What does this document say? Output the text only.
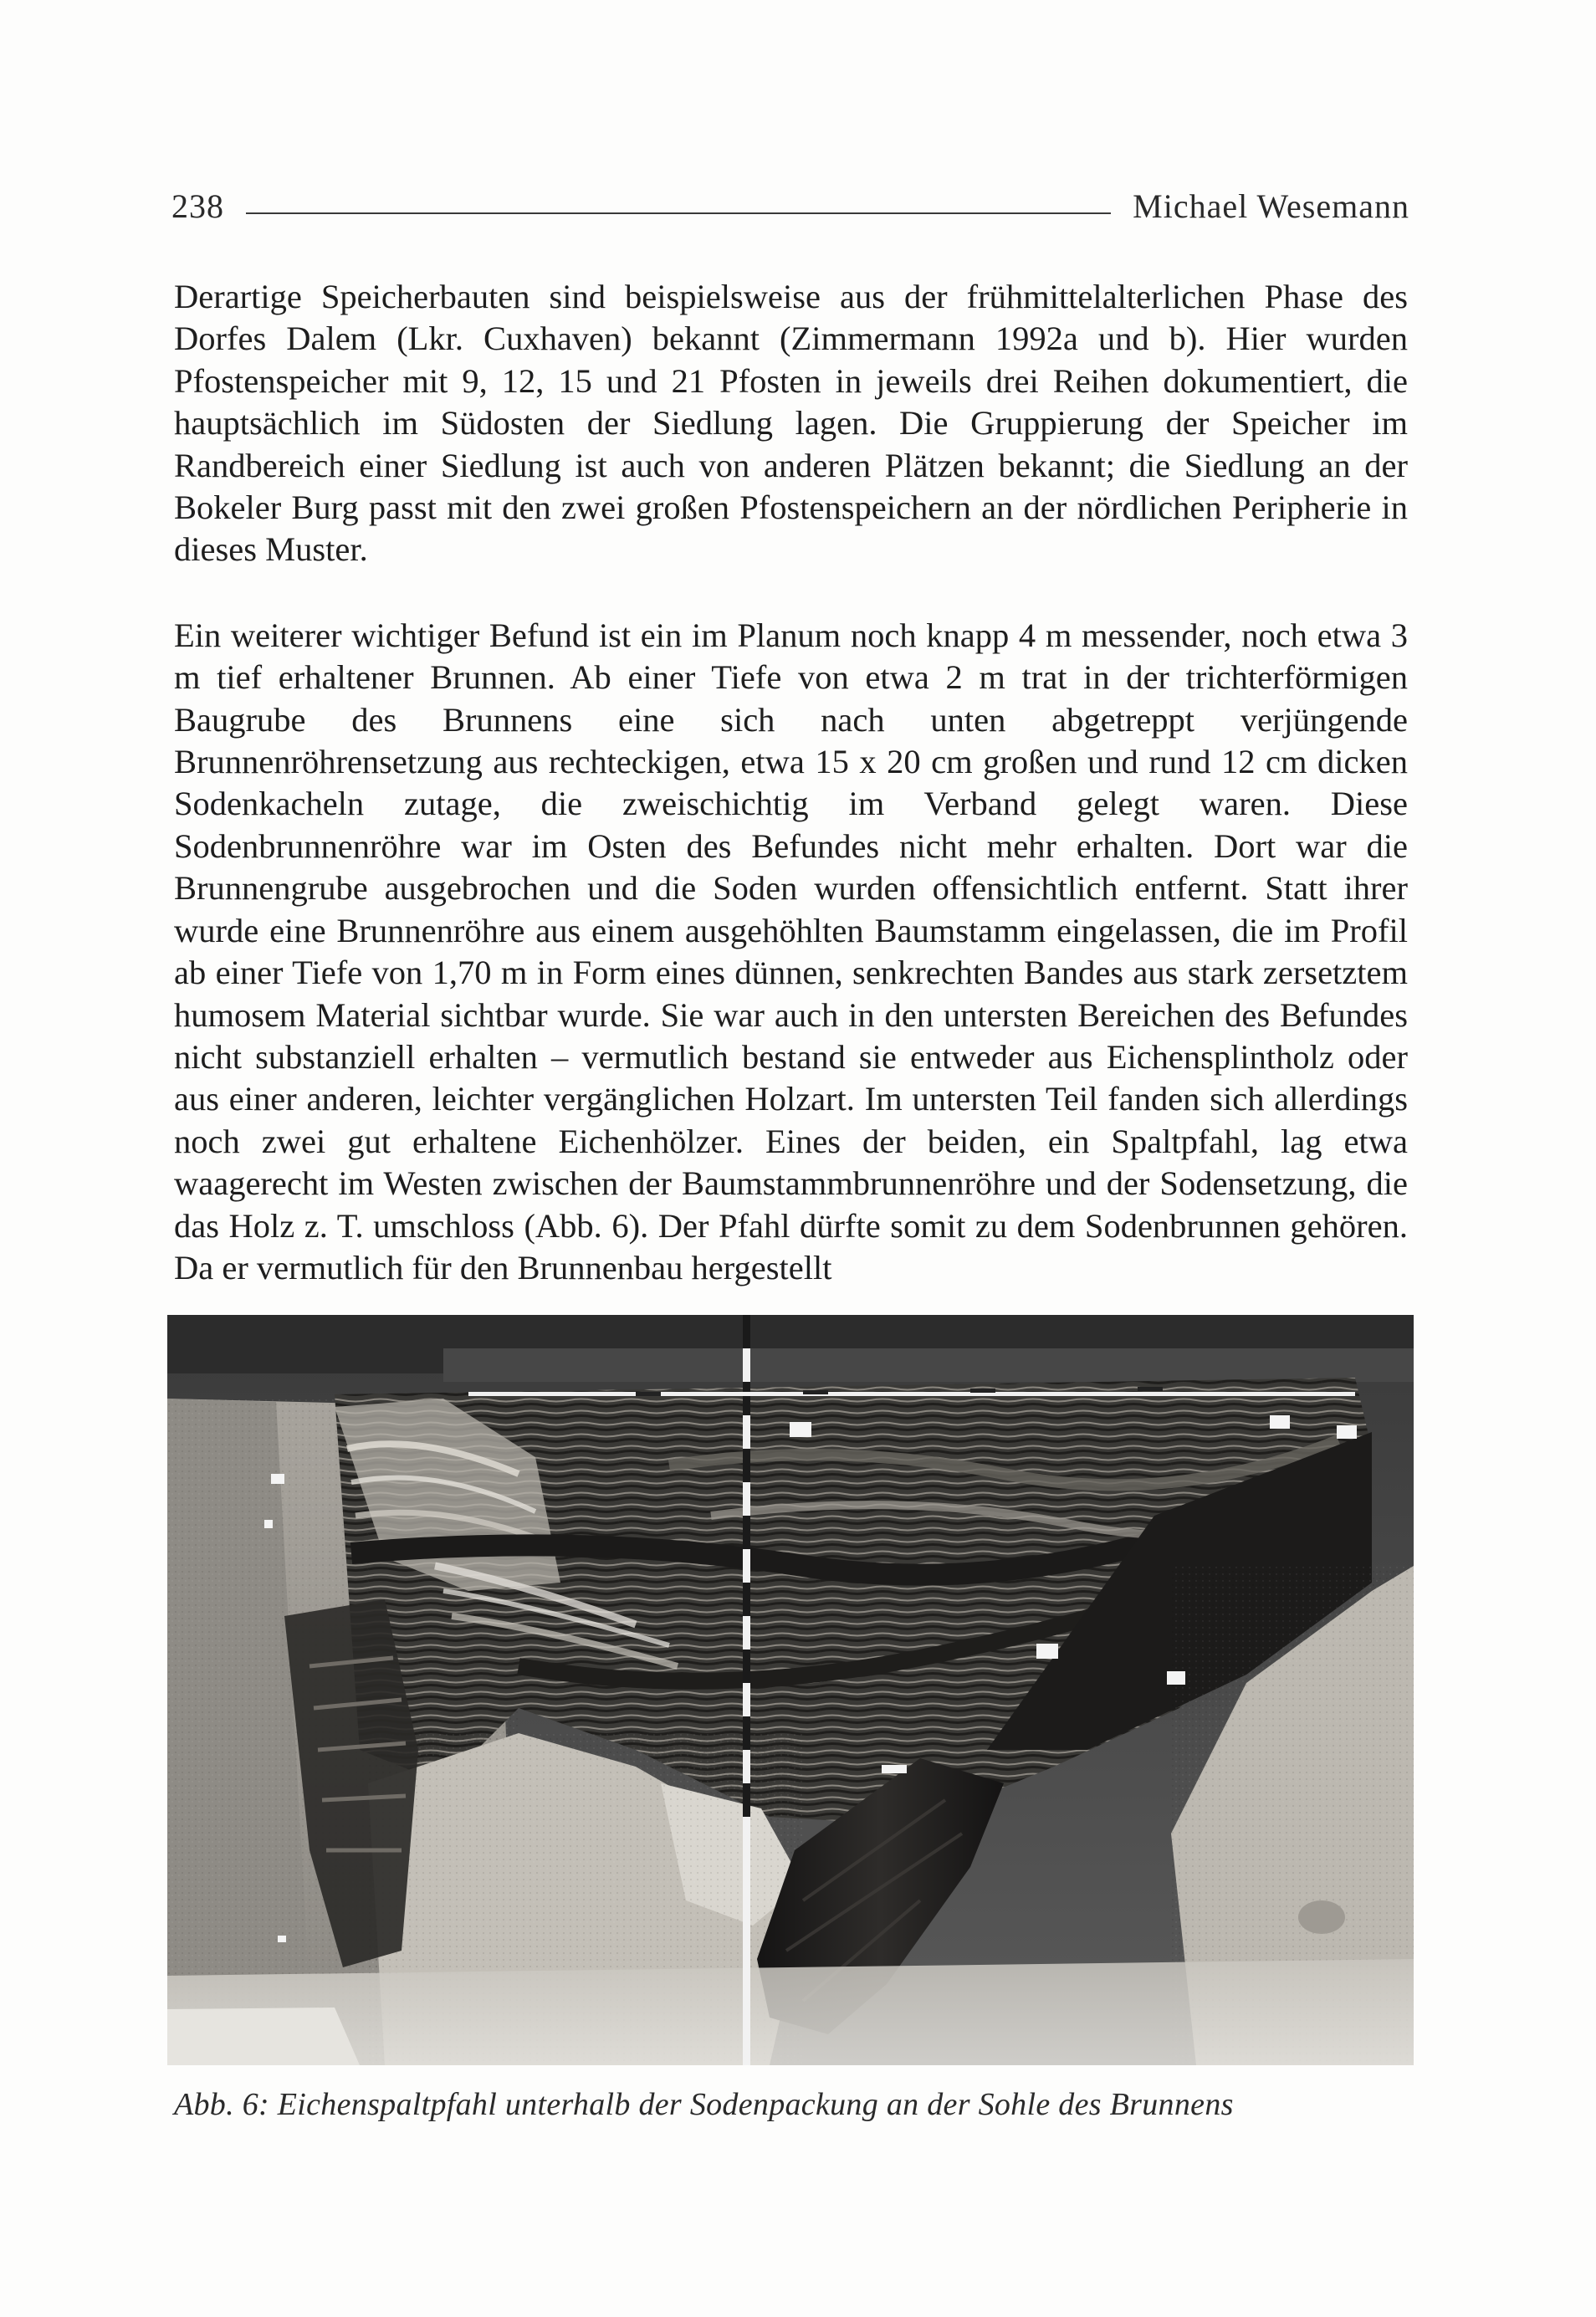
238	Michael Wesemann

Derartige Speicherbauten sind beispielsweise aus der frühmittelalterlichen Phase des Dorfes Dalem (Lkr. Cuxhaven) bekannt (Zimmermann 1992a und b). Hier wurden Pfostenspeicher mit 9, 12, 15 und 21 Pfosten in jeweils drei Reihen dokumentiert, die hauptsächlich im Südosten der Siedlung lagen. Die Gruppierung der Speicher im Randbereich einer Siedlung ist auch von anderen Plätzen bekannt; die Siedlung an der Bokeler Burg passt mit den zwei großen Pfostenspeichern an der nördlichen Peripherie in dieses Muster.

Ein weiterer wichtiger Befund ist ein im Planum noch knapp 4 m messender, noch etwa 3 m tief erhaltener Brunnen. Ab einer Tiefe von etwa 2 m trat in der trichterförmigen Baugrube des Brunnens eine sich nach unten abgetreppt verjüngende Brunnenröhrensetzung aus rechteckigen, etwa 15 x 20 cm großen und rund 12 cm dicken Sodenkacheln zutage, die zweischichtig im Verband gelegt waren. Diese Sodenbrunnenröhre war im Osten des Befundes nicht mehr erhalten. Dort war die Brunnengrube ausgebrochen und die Soden wurden offensichtlich entfernt. Statt ihrer wurde eine Brunnenröhre aus einem ausgehöhlten Baumstamm eingelassen, die im Profil ab einer Tiefe von 1,70 m in Form eines dünnen, senkrechten Bandes aus stark zersetztem humosem Material sichtbar wurde. Sie war auch in den untersten Bereichen des Befundes nicht substanziell erhalten – vermutlich bestand sie entweder aus Eichensplintholz oder aus einer anderen, leichter vergänglichen Holzart. Im untersten Teil fanden sich allerdings noch zwei gut erhaltene Eichenhölzer. Eines der beiden, ein Spaltpfahl, lag etwa waagerecht im Westen zwischen der Baumstammbrunnenröhre und der Sodensetzung, die das Holz z. T. umschloss (Abb. 6). Der Pfahl dürfte somit zu dem Sodenbrunnen gehören. Da er vermutlich für den Brunnenbau hergestellt

Abb. 6: Eichenspaltpfahl unterhalb der Sodenpackung an der Sohle des Brunnens
